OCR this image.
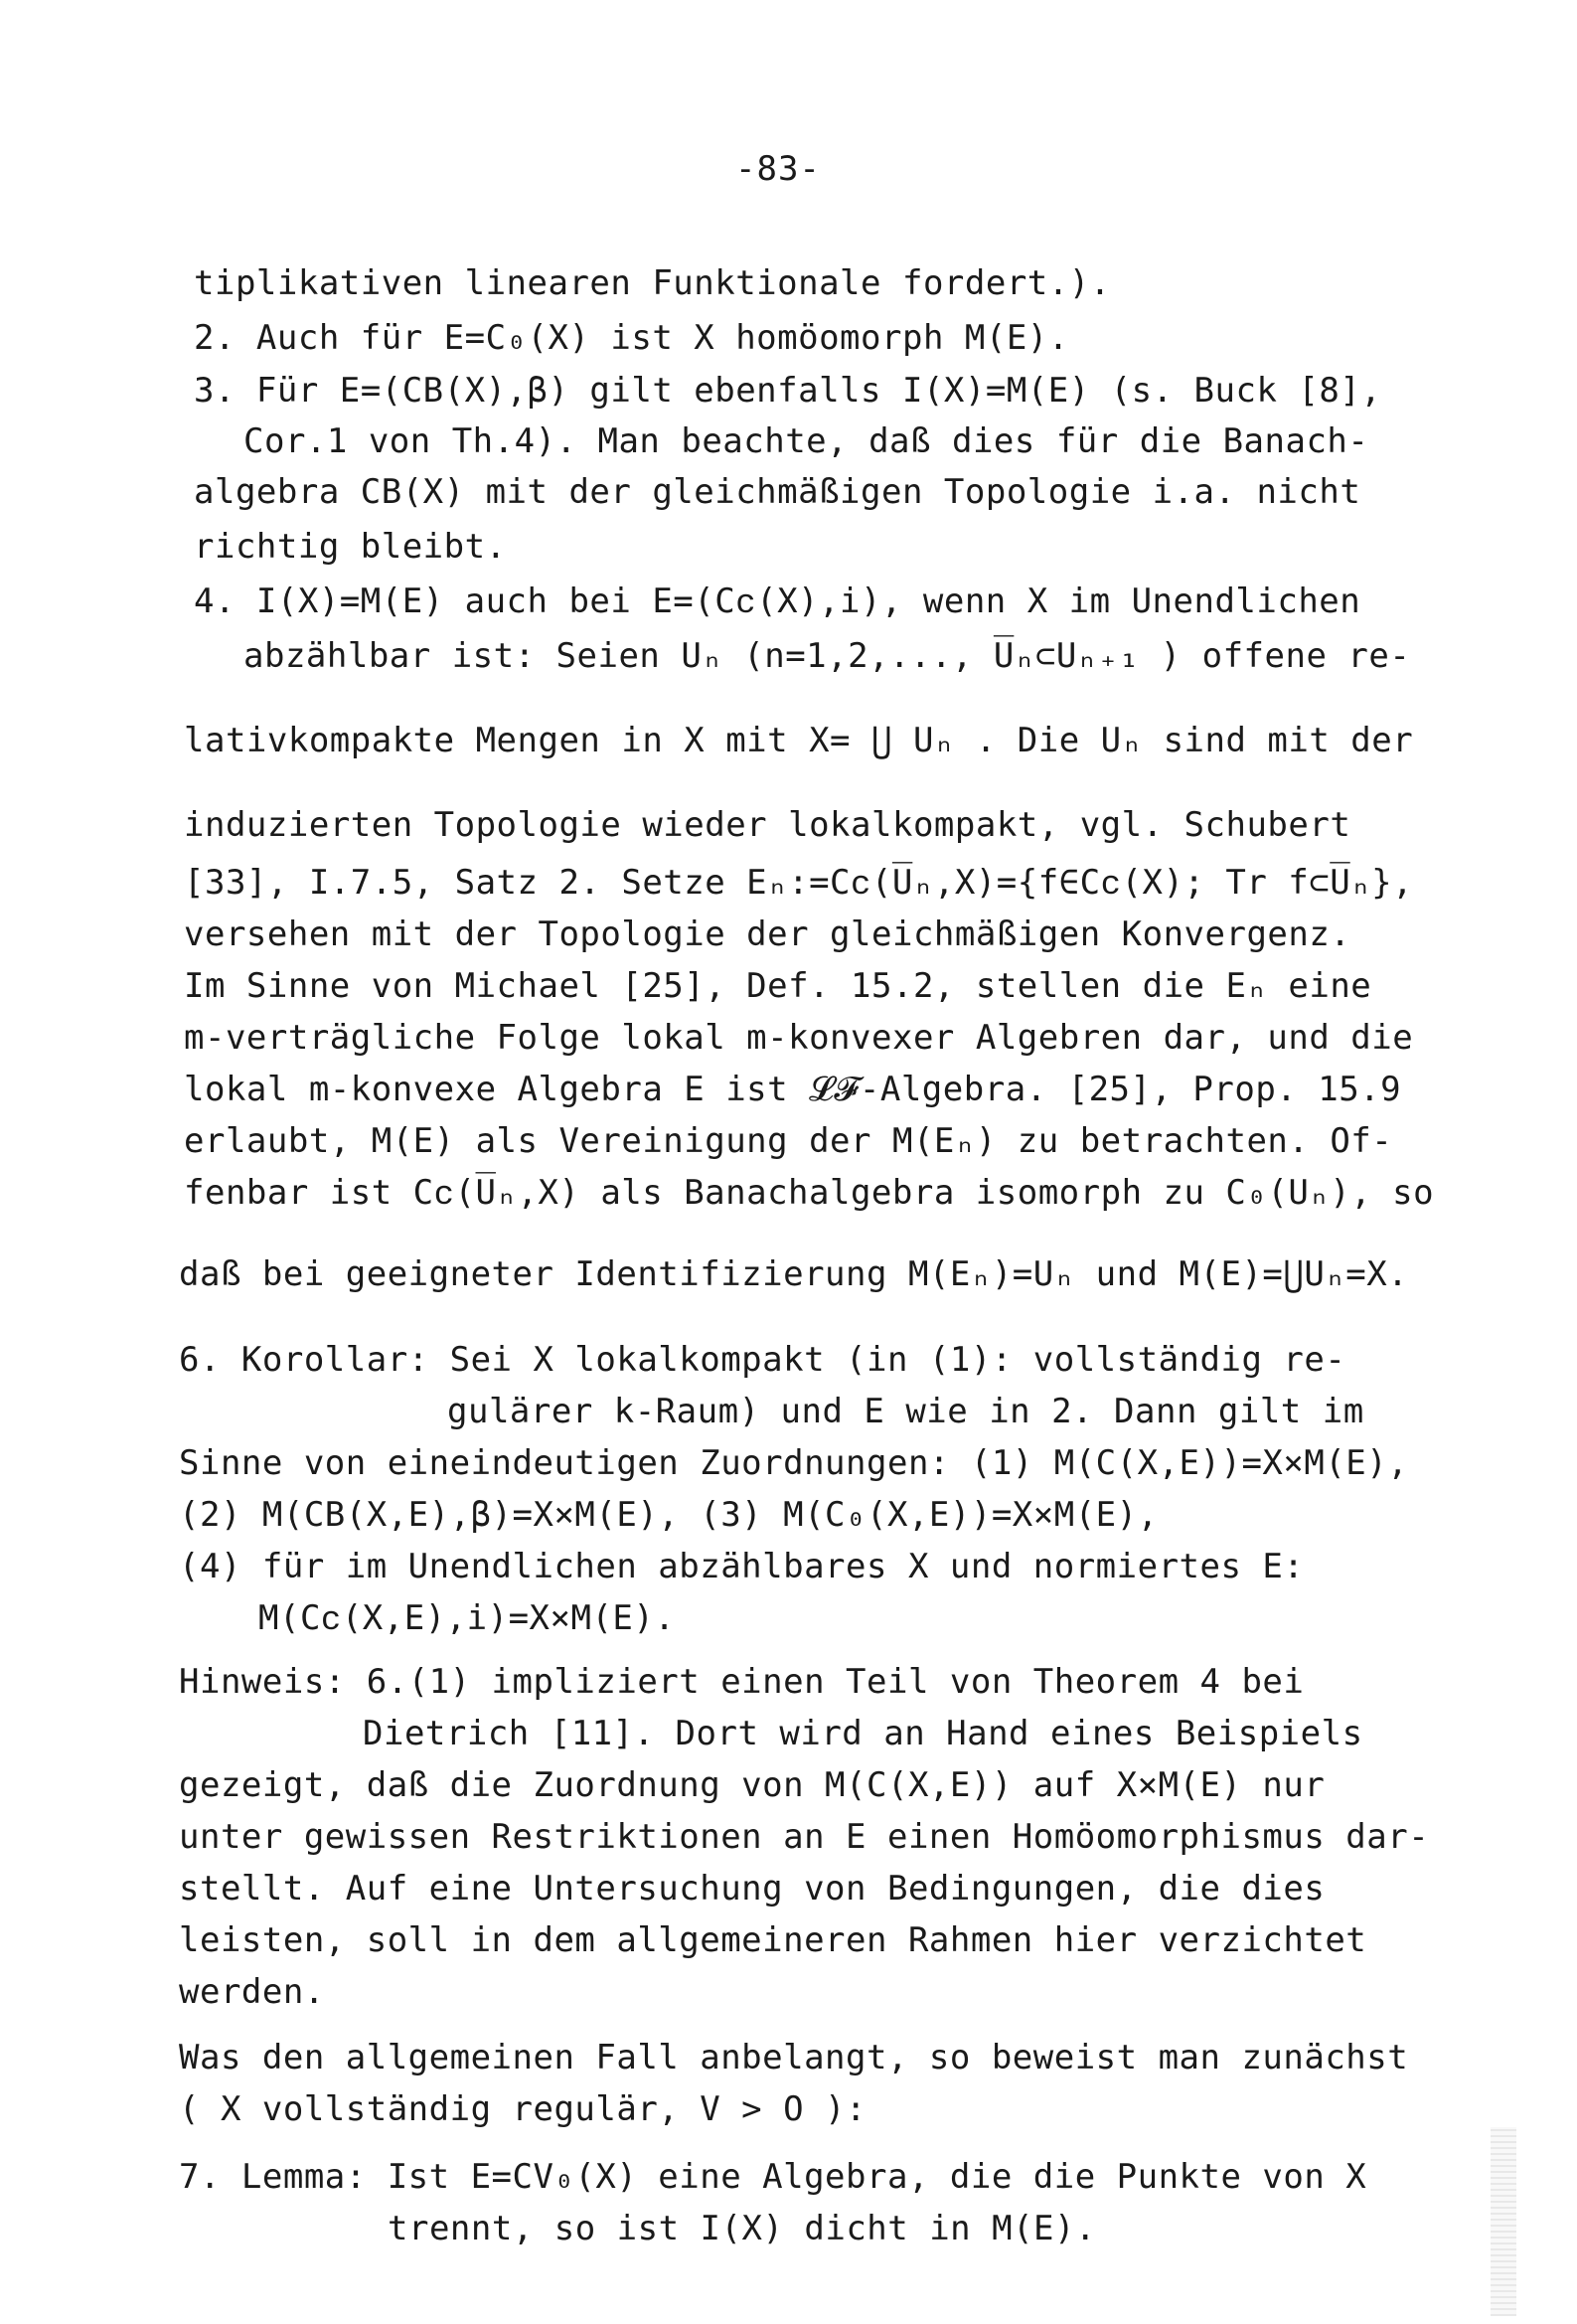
-83-
tiplikativen linearen Funktionale fordert.).
2. Auch für E=C₀(X) ist X homöomorph M(E).
3. Für E=(CB(X),β) gilt ebenfalls I(X)=M(E) (s. Buck [8],
Cor.1 von Th.4). Man beachte, daß dies für die Banach-
algebra CB(X) mit der gleichmäßigen Topologie i.a. nicht
richtig bleibt.
4. I(X)=M(E) auch bei E=(Cᴄ(X),i), wenn X im Unendlichen
abzählbar ist: Seien Uₙ (n=1,2,..., U̅ₙ⊂Uₙ₊₁ ) offene re-
lativkompakte Mengen in X mit X= ⋃ Uₙ . Die Uₙ sind mit der
induzierten Topologie wieder lokalkompakt, vgl. Schubert
[33], I.7.5, Satz 2. Setze Eₙ:=Cᴄ(U̅ₙ,X)={f∈Cᴄ(X); Tr f⊂U̅ₙ},
versehen mit der Topologie der gleichmäßigen Konvergenz.
Im Sinne von Michael [25], Def. 15.2, stellen die Eₙ eine
m-verträgliche Folge lokal m-konvexer Algebren dar, und die
lokal m-konvexe Algebra E ist 𝓛𝓕-Algebra. [25], Prop. 15.9
erlaubt, M(E) als Vereinigung der M(Eₙ) zu betrachten. Of-
fenbar ist Cᴄ(U̅ₙ,X) als Banachalgebra isomorph zu C₀(Uₙ), so
daß bei geeigneter Identifizierung M(Eₙ)=Uₙ und M(E)=⋃Uₙ=X.
6. Korollar: Sei X lokalkompakt (in (1): vollständig re-
gulärer k-Raum) und E wie in 2. Dann gilt im
Sinne von eineindeutigen Zuordnungen: (1) M(C(X,E))=X×M(E),
(2) M(CB(X,E),β)=X×M(E), (3) M(C₀(X,E))=X×M(E),
(4) für im Unendlichen abzählbares X und normiertes E:
M(Cᴄ(X,E),i)=X×M(E).
Hinweis: 6.(1) impliziert einen Teil von Theorem 4 bei
Dietrich [11]. Dort wird an Hand eines Beispiels
gezeigt, daß die Zuordnung von M(C(X,E)) auf X×M(E) nur
unter gewissen Restriktionen an E einen Homöomorphismus dar-
stellt. Auf eine Untersuchung von Bedingungen, die dies
leisten, soll in dem allgemeineren Rahmen hier verzichtet
werden.
Was den allgemeinen Fall anbelangt, so beweist man zunächst
( X vollständig regulär, V > O ):
7. Lemma: Ist E=CV₀(X) eine Algebra, die die Punkte von X
trennt, so ist I(X) dicht in M(E).
